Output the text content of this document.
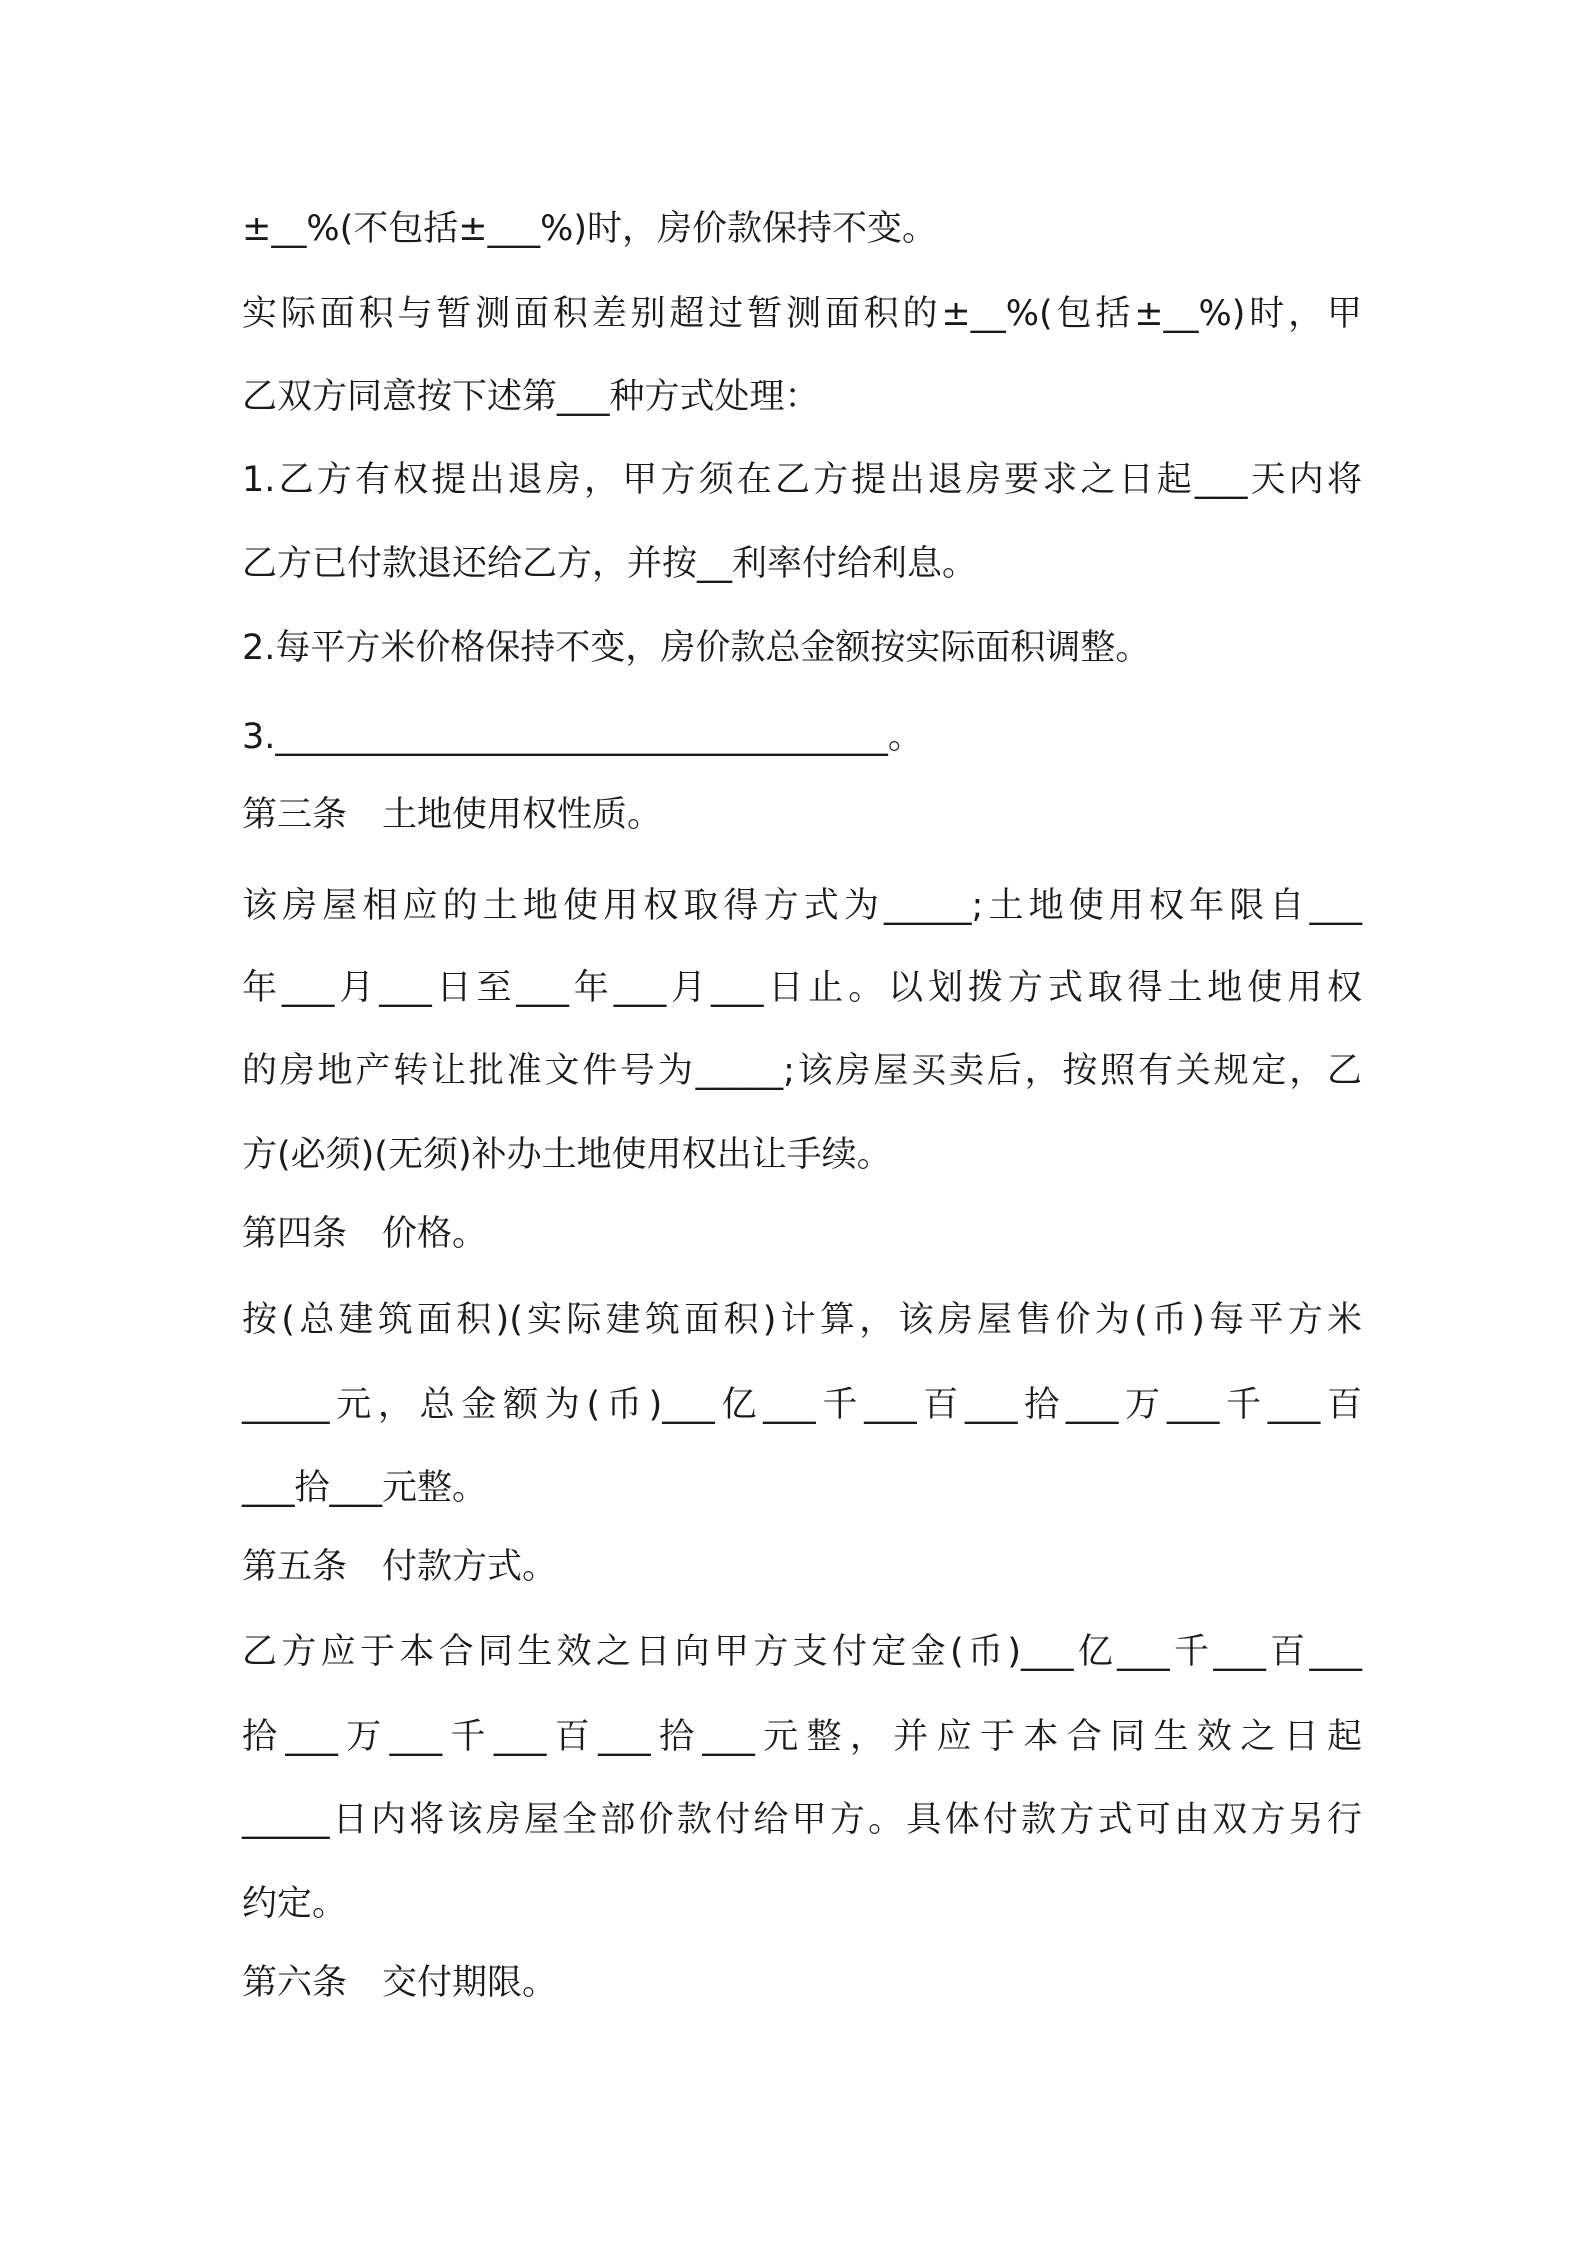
±__%(不包括±___%)时，房价款保持不变。
实际面积与暂测面积差别超过暂测面积的±__%(包括±__%)时，甲
乙双方同意按下述第___种方式处理：
1.乙方有权提出退房，甲方须在乙方提出退房要求之日起___天内将
乙方已付款退还给乙方，并按__利率付给利息。
2.每平方米价格保持不变，房价款总金额按实际面积调整。
3.___________________________________。
第三条　土地使用权性质。
该房屋相应的土地使用权取得方式为_____;土地使用权年限自___
年___月___日至___年___月___日止。以划拨方式取得土地使用权
的房地产转让批准文件号为_____;该房屋买卖后，按照有关规定，乙
方(必须)(无须)补办土地使用权出让手续。
第四条　价格。
按(总建筑面积)(实际建筑面积)计算，该房屋售价为(币)每平方米
_____元，总金额为(币)___亿___千___百___拾___万___千___百
___拾___元整。
第五条　付款方式。
乙方应于本合同生效之日向甲方支付定金(币)___亿___千___百___
拾___万___千___百___拾___元整，并应于本合同生效之日起
_____日内将该房屋全部价款付给甲方。具体付款方式可由双方另行
约定。
第六条　交付期限。
